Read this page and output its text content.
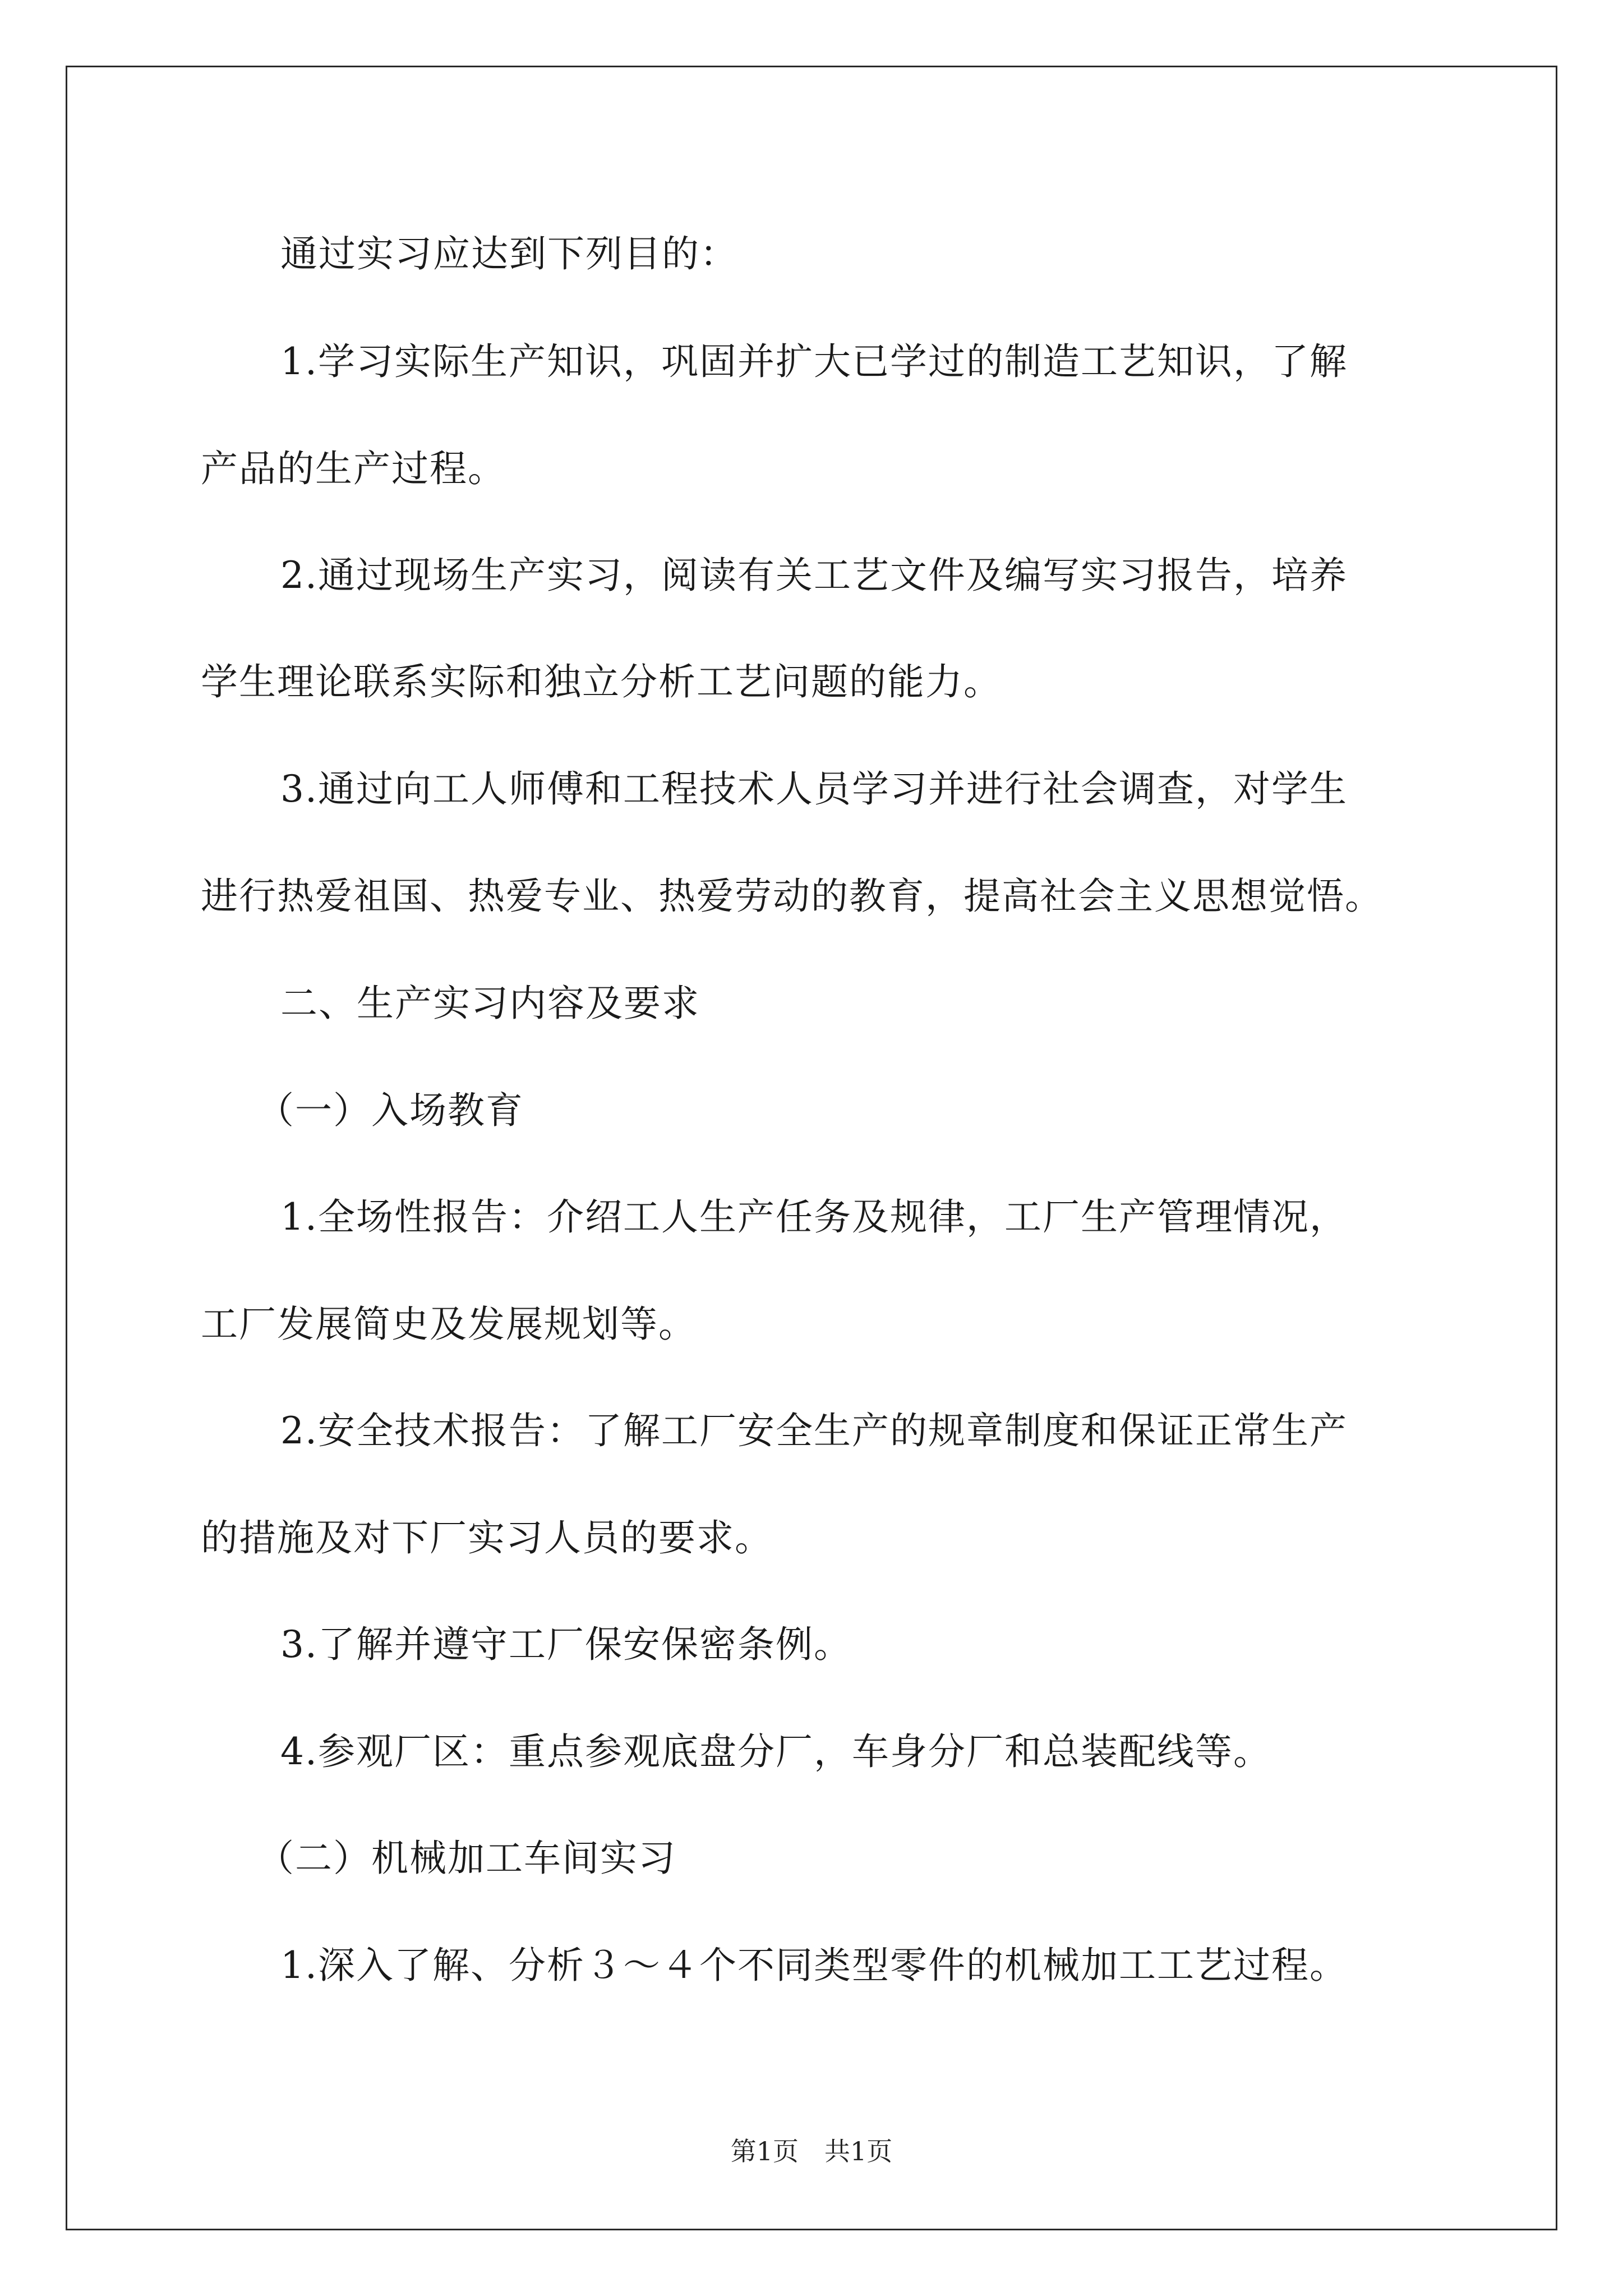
通过实习应达到下列目的：
1.学习实际生产知识，巩固并扩大已学过的制造工艺知识，了解
产品的生产过程。
2.通过现场生产实习，阅读有关工艺文件及编写实习报告，培养
学生理论联系实际和独立分析工艺问题的能力。
3.通过向工人师傅和工程技术人员学习并进行社会调查，对学生
进行热爱祖国、热爱专业、热爱劳动的教育，提高社会主义思想觉悟。
二、生产实习内容及要求
（一）入场教育
1.全场性报告：介绍工人生产任务及规律，工厂生产管理情况，
工厂发展简史及发展规划等。
2.安全技术报告：了解工厂安全生产的规章制度和保证正常生产
的措施及对下厂实习人员的要求。
3.了解并遵守工厂保安保密条例。
4.参观厂区：重点参观底盘分厂，车身分厂和总装配线等。
（二）机械加工车间实习
1.深入了解、分析３～４个不同类型零件的机械加工工艺过程。
第1页　共1页
